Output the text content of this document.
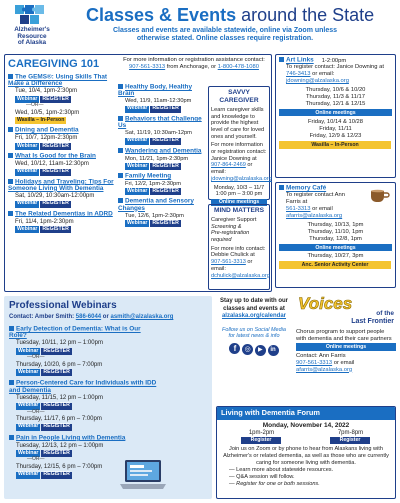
Alzheimer's
Resource
of Alaska
Classes & Events around the State
Classes and events are available statewide, online via Zoom unless otherwise stated. Online classes require registration.
CAREGIVING 101	For more information or registration assistance contact:
907-561-3313 from Anchorage, or 1-800-478-1080
The GEMS®: Using Skills That Make a Difference
Tue, 10/4, 1pm-2:30pm
Webinar REGISTER
—OR—
Wed, 10/5, 1pm-2:30pm
Wasilla – In-Person
Dining and Dementia
Fri, 10/7, 12pm-2:30pm
Webinar REGISTER
What Is Good for the Brain
Wed, 10/12, 11am-12:30pm
Webinar REGISTER
Holidays and Traveling: Tips For Someone Living With Dementia
Sat, 10/29, 10:30am-12:00pm
Webinar REGISTER
The Related Dementias in ADRD
Fri, 11/4, 1pm-2:30pm
Webinar REGISTER
Healthy Body, Healthy Brain
Wed, 11/9, 11am-12:30pm
Webinar REGISTER
Behaviors that Challenge Us
Sat, 11/19, 10:30am-12pm
Webinar REGISTER
Wandering and Dementia
Mon, 11/21, 1pm-2:30pm
Webinar REGISTER
Family Meeting
Fri, 12/2, 1pm-2:30pm
Webinar REGISTER
Dementia and Sensory Changes
Tue, 12/6, 1pm-2:30pm
Webinar REGISTER
SAVVY CAREGIVER
Learn caregiver skills and knowledge to provide the highest level of care for loved ones and yourself.
For more information or registration contact: Janice Downing at
907-864-2469 or email:
jdowning@alzalaska.org
Monday, 10/3 – 11/7
1:00 pm – 3:00 pm
Online meetings
MIND MATTERS
Caregiver Support
Screening &
Pre-registration required
For more info contact: Debbie Chulick at
907-561-3313 or email:
dchulick@alzalaska.org
Art Links 1-2:00pm
To register contact: Janice Downing at
746-3413 or email:
jdowning@alzalaska.org
Thursday, 10/6 & 10/20
Thursday, 11/3 & 11/17
Thursday, 12/1 & 12/15
Online meetings
Friday, 10/14 & 10/28
Friday, 11/11
Friday, 12/9 & 12/23
Wasilla – In-Person
Memory Café
To register contact Ann Farris at
561-3313 or email
afarris@alzalaska.org
Thursday, 10/13, 1pm
Thursday, 11/10, 1pm
Thursday, 12/8, 1pm
Online meetings
Thursday, 10/27, 3pm
Anc. Senior Activity Center
Professional Webinars
Contact: Amber Smith: 586-6044 or asmith@alzalaska.org
Early Detection of Dementia: What is Our Role?
Tuesday, 10/11, 12 pm – 1:00pm
Webinar REGISTER
—OR—
Thursday, 10/20, 6 pm – 7:00pm
Webinar REGISTER
Person-Centered Care for Individuals with IDD and Dementia
Tuesday, 11/15, 12 pm – 1:00pm
Webinar REGISTER
—OR—
Thursday, 11/17, 6 pm – 7:00pm
Webinar REGISTER
Pain in People Living with Dementia
Tuesday, 12/13, 12 pm – 1:00pm
Webinar REGISTER
—OR—
Thursday, 12/15, 6 pm – 7:00pm
Webinar REGISTER
Stay up to date with our classes and events at
alzalaska.org/calendar
Follow us on Social Media
for latest news & info
f ◎ ▶ in
Voices
of the
Last Frontier
Chorus program to support people with dementia and their care partners
Online meetings
Contact: Ann Farris
907-561-3313 or email
afarris@alzalaska.org
Living with Dementia Forum
Monday, November 14, 2022
1pm-2pm
Register
7pm-8pm
Register
Join us on Zoom or by phone to hear from Alaskans living with Alzheimer's or related dementia, as well as those who are currently caring for someone living with dementia.
— Learn more about statewide resources.
— Q&A session will follow.
— Register for one or both sessions.
